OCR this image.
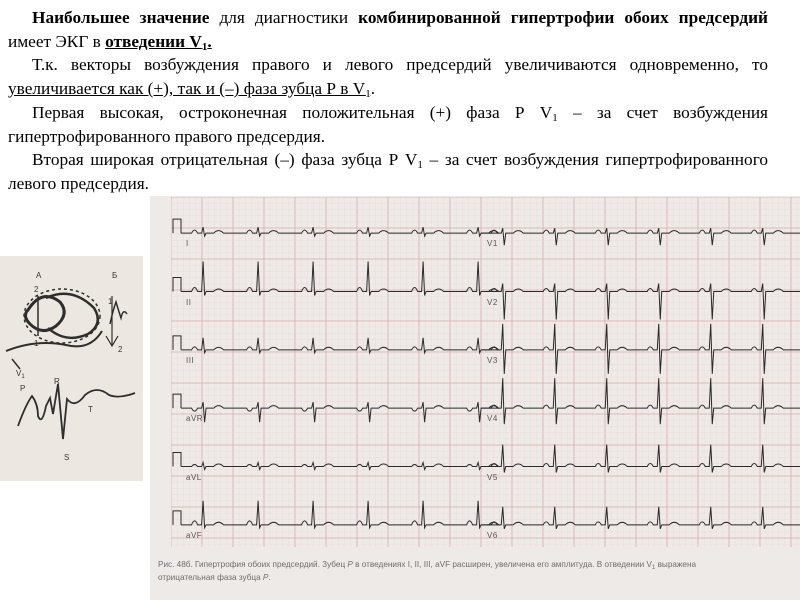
Наибольшее значение для диагностики комбинированной гипертрофии обоих предсердий имеет ЭКГ в отведении $V_1$.

Т.к. векторы возбуждения правого и левого предсердий увеличиваются одновременно, то увеличивается как (+), так и (–) фаза зубца Р в $V_1$.

Первая высокая, остроконечная положительная (+) фаза Р $V_1$ – за счет возбуждения гипертрофированного правого предсердия.

Вторая широкая отрицательная (–) фаза зубца Р $V_1$ – за счет возбуждения гипертрофированного левого предсердия.

А
2
1
Б
1
2
$V_1$
P
R
T
S
I	V1
II	V2
III	V3
aVR	V4
aVL	V5
aVF	V6
Рис. 48б. Гипертрофия обоих предсердий. Зубец P в отведениях I, II, III, aVF расширен, увеличена его амплитуда. В отведении $V_1$ выражена
отрицательная фаза зубца P.
